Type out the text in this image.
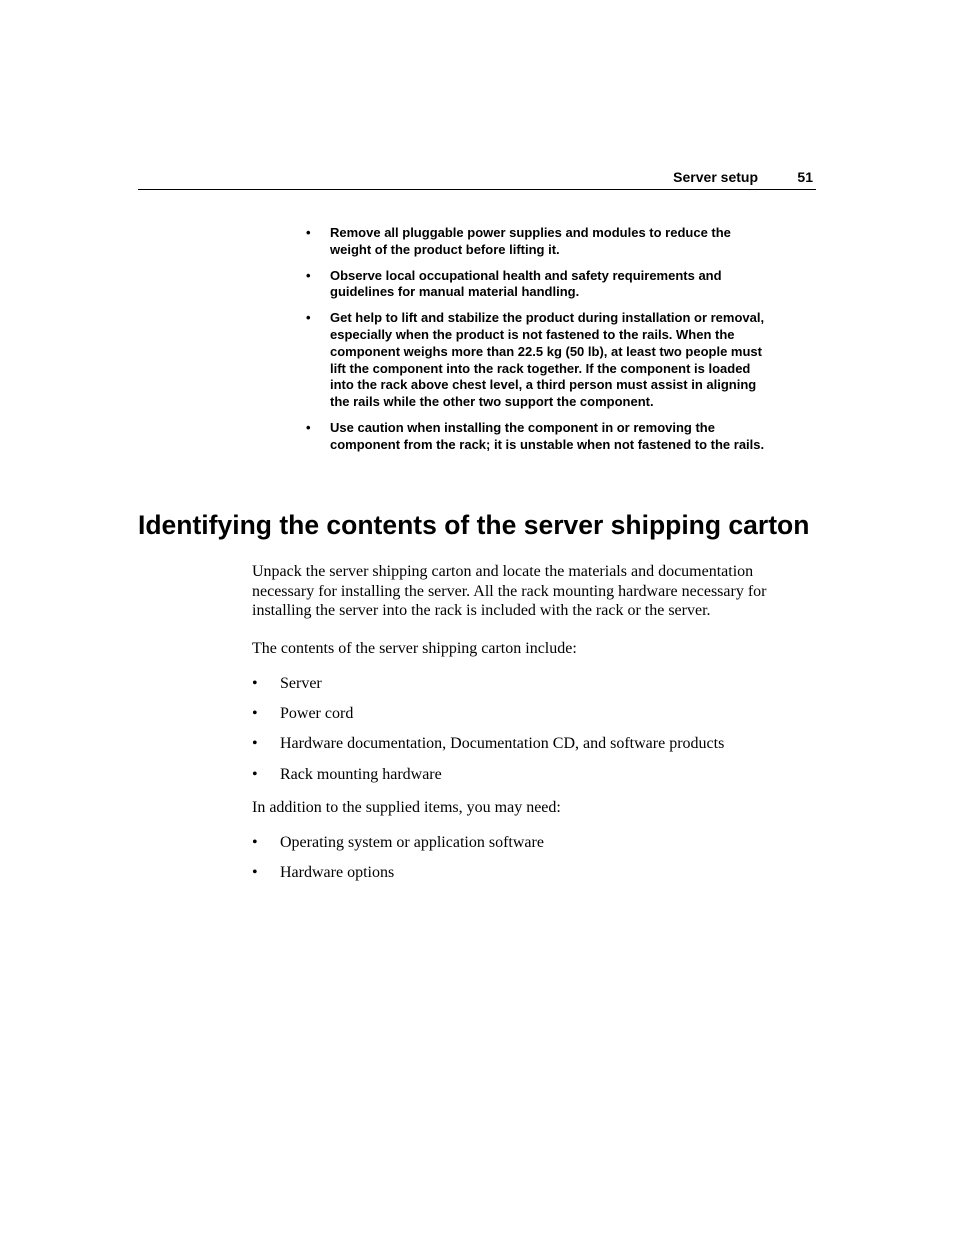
Server setup	51
• Remove all pluggable power supplies and modules to reduce the weight of the product before lifting it.
• Observe local occupational health and safety requirements and guidelines for manual material handling.
• Get help to lift and stabilize the product during installation or removal, especially when the product is not fastened to the rails. When the component weighs more than 22.5 kg (50 lb), at least two people must lift the component into the rack together. If the component is loaded into the rack above chest level, a third person must assist in aligning the rails while the other two support the component.
• Use caution when installing the component in or removing the component from the rack; it is unstable when not fastened to the rails.
Identifying the contents of the server shipping carton

Unpack the server shipping carton and locate the materials and documentation necessary for installing the server. All the rack mounting hardware necessary for installing the server into the rack is included with the rack or the server.

The contents of the server shipping carton include:

• Server
• Power cord
• Hardware documentation, Documentation CD, and software products
• Rack mounting hardware

In addition to the supplied items, you may need:

• Operating system or application software
• Hardware options
